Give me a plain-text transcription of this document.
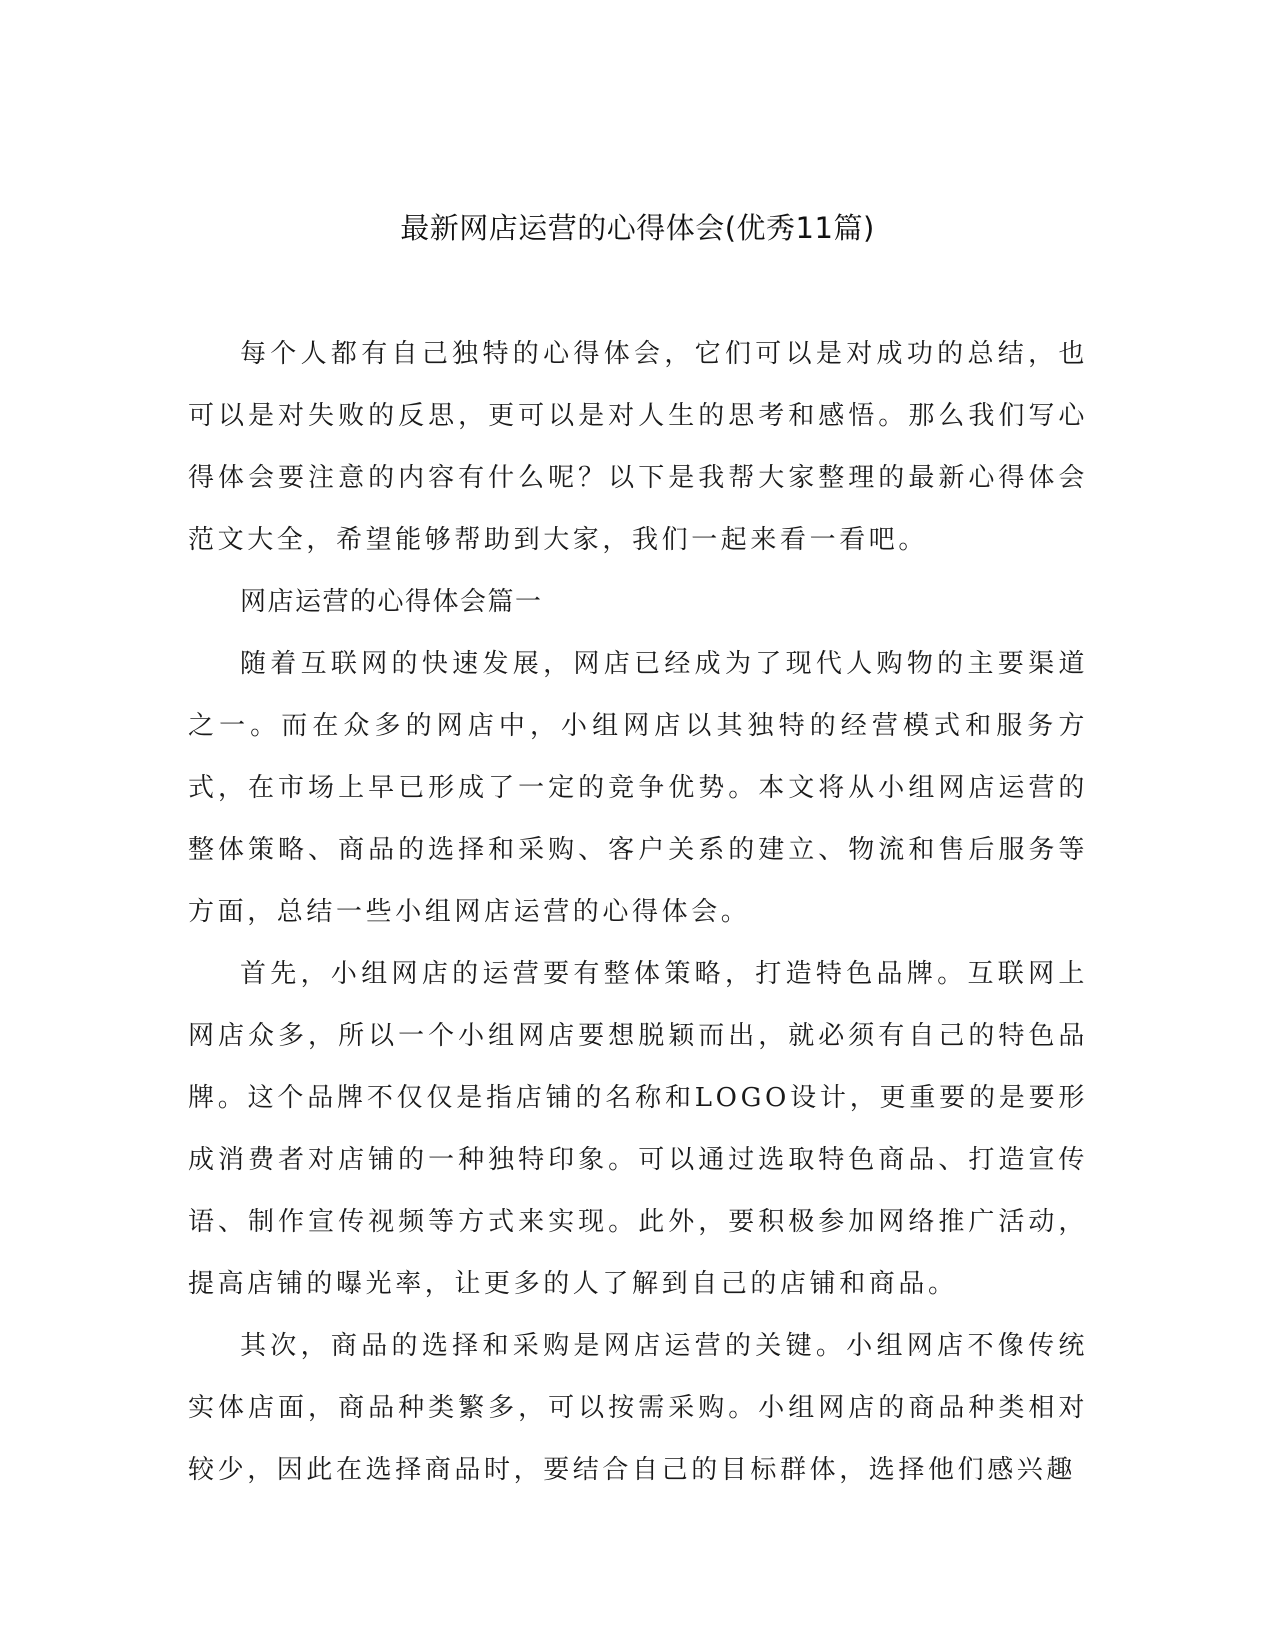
最新网店运营的心得体会(优秀11篇)

每个人都有自己独特的心得体会，它们可以是对成功的总结，也可以是对失败的反思，更可以是对人生的思考和感悟。那么我们写心得体会要注意的内容有什么呢？以下是我帮大家整理的最新心得体会范文大全，希望能够帮助到大家，我们一起来看一看吧。

网店运营的心得体会篇一

随着互联网的快速发展，网店已经成为了现代人购物的主要渠道之一。而在众多的网店中，小组网店以其独特的经营模式和服务方式，在市场上早已形成了一定的竞争优势。本文将从小组网店运营的整体策略、商品的选择和采购、客户关系的建立、物流和售后服务等方面，总结一些小组网店运营的心得体会。

首先，小组网店的运营要有整体策略，打造特色品牌。互联网上网店众多，所以一个小组网店要想脱颖而出，就必须有自己的特色品牌。这个品牌不仅仅是指店铺的名称和LOGO设计，更重要的是要形成消费者对店铺的一种独特印象。可以通过选取特色商品、打造宣传语、制作宣传视频等方式来实现。此外，要积极参加网络推广活动，提高店铺的曝光率，让更多的人了解到自己的店铺和商品。

其次，商品的选择和采购是网店运营的关键。小组网店不像传统实体店面，商品种类繁多，可以按需采购。小组网店的商品种类相对较少，因此在选择商品时，要结合自己的目标群体，选择他们感兴趣
